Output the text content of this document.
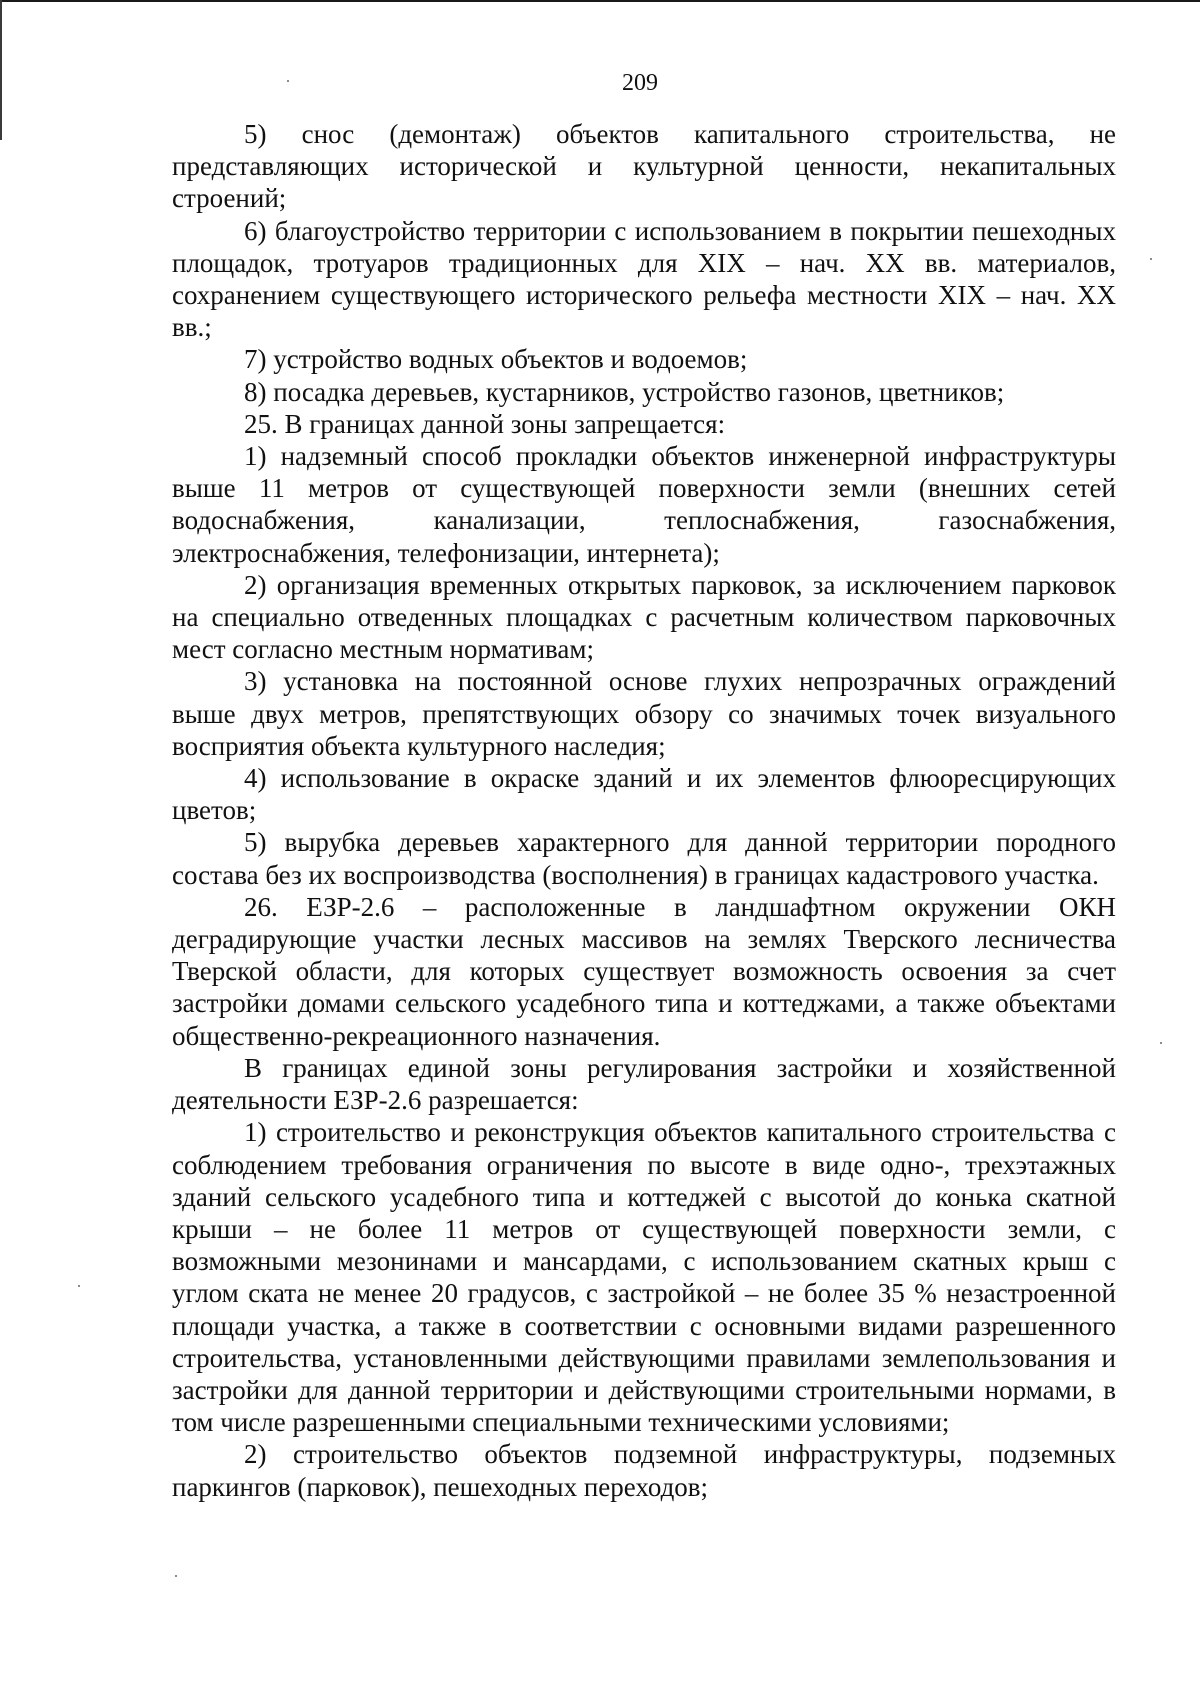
209

5) снос (демонтаж) объектов капитального строительства, не представляющих исторической и культурной ценности, некапитальных строений;

6) благоустройство территории с использованием в покрытии пешеходных площадок, тротуаров традиционных для XIX – нач. XX вв. материалов, сохранением существующего исторического рельефа местности XIX – нач. XX вв.;

7) устройство водных объектов и водоемов;

8) посадка деревьев, кустарников, устройство газонов, цветников;

25. В границах данной зоны запрещается:

1) надземный способ прокладки объектов инженерной инфраструктуры выше 11 метров от существующей поверхности земли (внешних сетей водоснабжения, канализации, теплоснабжения, газоснабжения, электроснабжения, телефонизации, интернета);

2) организация временных открытых парковок, за исключением парковок на специально отведенных площадках с расчетным количеством парковочных мест согласно местным нормативам;

3) установка на постоянной основе глухих непрозрачных ограждений выше двух метров, препятствующих обзору со значимых точек визуального восприятия объекта культурного наследия;

4) использование в окраске зданий и их элементов флюоресцирующих цветов;

5) вырубка деревьев характерного для данной территории породного состава без их воспроизводства (восполнения) в границах кадастрового участка.

26. ЕЗР-2.6 – расположенные в ландшафтном окружении ОКН деградирующие участки лесных массивов на землях Тверского лесничества Тверской области, для которых существует возможность освоения за счет застройки домами сельского усадебного типа и коттеджами, а также объектами общественно-рекреационного назначения.

В границах единой зоны регулирования застройки и хозяйственной деятельности ЕЗР-2.6 разрешается:

1) строительство и реконструкция объектов капитального строительства с соблюдением требования ограничения по высоте в виде одно-, трехэтажных зданий сельского усадебного типа и коттеджей с высотой до конька скатной крыши – не более 11 метров от существующей поверхности земли, с возможными мезонинами и мансардами, с использованием скатных крыш с углом ската не менее 20 градусов, с застройкой – не более 35 % незастроенной площади участка, а также в соответствии с основными видами разрешенного строительства, установленными действующими правилами землепользования и застройки для данной территории и действующими строительными нормами, в том числе разрешенными специальными техническими условиями;

2) строительство объектов подземной инфраструктуры, подземных паркингов (парковок), пешеходных переходов;
